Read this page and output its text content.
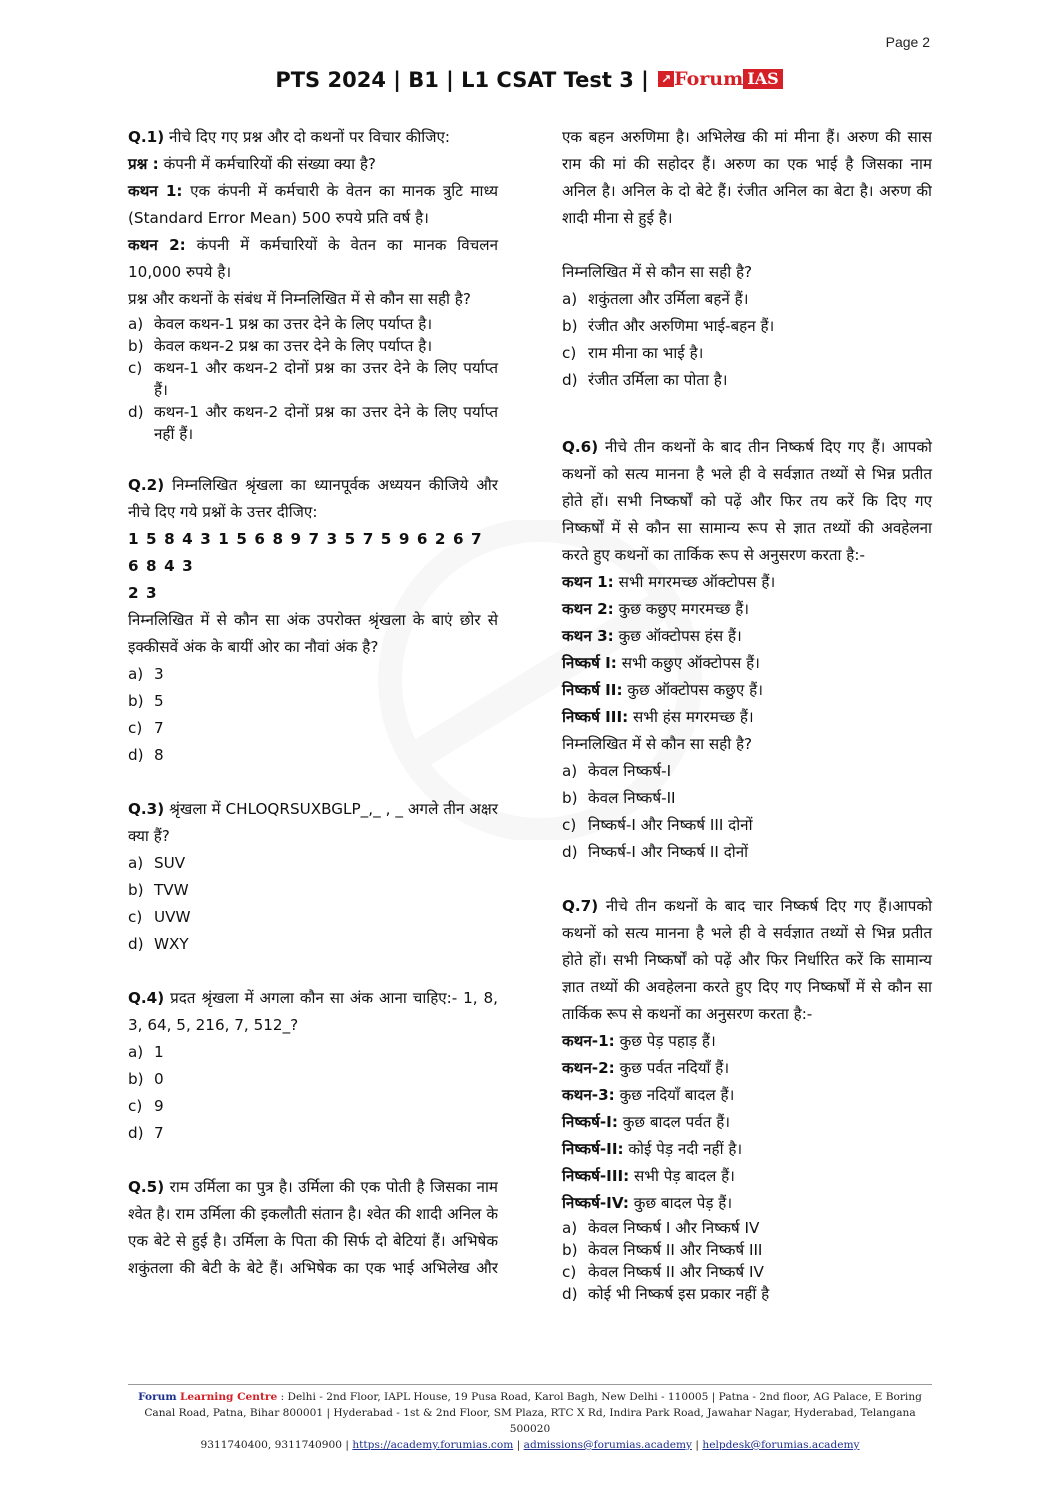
Page 2
PTS 2024 | B1 | L1 CSAT Test 3 | ↗ Forum IAS
Q.1) नीचे दिए गए प्रश्न और दो कथनों पर विचार कीजिए:
प्रश्न : कंपनी में कर्मचारियों की संख्या क्या है?
कथन 1: एक कंपनी में कर्मचारी के वेतन का मानक त्रुटि माध्य (Standard Error Mean) 500 रुपये प्रति वर्ष है।
कथन 2: कंपनी में कर्मचारियों के वेतन का मानक विचलन 10,000 रुपये है।
प्रश्न और कथनों के संबंध में निम्नलिखित में से कौन सा सही है?
a) केवल कथन-1 प्रश्न का उत्तर देने के लिए पर्याप्त है।
b) केवल कथन-2 प्रश्न का उत्तर देने के लिए पर्याप्त है।
c) कथन-1 और कथन-2 दोनों प्रश्न का उत्तर देने के लिए पर्याप्त हैं।
d) कथन-1 और कथन-2 दोनों प्रश्न का उत्तर देने के लिए पर्याप्त नहीं हैं।
Q.2) निम्नलिखित श्रृंखला का ध्यानपूर्वक अध्ययन कीजिये और नीचे दिए गये प्रश्नों के उत्तर दीजिए:
1 5 8 4 3 1 5 6 8 9 7 3 5 7 5 9 6 2 6 7 6 8 4 3
2 3
निम्नलिखित में से कौन सा अंक उपरोक्त श्रृंखला के बाएं छोर से इक्कीसवें अंक के बायीं ओर का नौवां अंक है?
a) 3
b) 5
c) 7
d) 8
Q.3) श्रृंखला में CHLOQRSUXBGLP_,_ , _ अगले तीन अक्षर क्या हैं?
a) SUV
b) TVW
c) UVW
d) WXY
Q.4) प्रदत श्रृंखला में अगला कौन सा अंक आना चाहिए:- 1, 8, 3, 64, 5, 216, 7, 512_?
a) 1
b) 0
c) 9
d) 7
Q.5) राम उर्मिला का पुत्र है। उर्मिला की एक पोती है जिसका नाम श्वेत है। राम उर्मिला की इकलौती संतान है। श्वेत की शादी अनिल के एक बेटे से हुई है। उर्मिला के पिता की सिर्फ दो बेटियां हैं। अभिषेक शकुंतला की बेटी के बेटे हैं। अभिषेक का एक भाई अभिलेख और
एक बहन अरुणिमा है। अभिलेख की मां मीना हैं। अरुण की सास राम की मां की सहोदर हैं। अरुण का एक भाई है जिसका नाम अनिल है। अनिल के दो बेटे हैं। रंजीत अनिल का बेटा है। अरुण की शादी मीना से हुई है।
निम्नलिखित में से कौन सा सही है?
a) शकुंतला और उर्मिला बहनें हैं।
b) रंजीत और अरुणिमा भाई-बहन हैं।
c) राम मीना का भाई है।
d) रंजीत उर्मिला का पोता है।
Q.6) नीचे तीन कथनों के बाद तीन निष्कर्ष दिए गए हैं। आपको कथनों को सत्य मानना है भले ही वे सर्वज्ञात तथ्यों से भिन्न प्रतीत होते हों। सभी निष्कर्षों को पढ़ें और फिर तय करें कि दिए गए निष्कर्षों में से कौन सा सामान्य रूप से ज्ञात तथ्यों की अवहेलना करते हुए कथनों का तार्किक रूप से अनुसरण करता है:-
कथन 1: सभी मगरमच्छ ऑक्टोपस हैं।
कथन 2: कुछ कछुए मगरमच्छ हैं।
कथन 3: कुछ ऑक्टोपस हंस हैं।
निष्कर्ष I: सभी कछुए ऑक्टोपस हैं।
निष्कर्ष II: कुछ ऑक्टोपस कछुए हैं।
निष्कर्ष III: सभी हंस मगरमच्छ हैं।
निम्नलिखित में से कौन सा सही है?
a) केवल निष्कर्ष-I
b) केवल निष्कर्ष-II
c) निष्कर्ष-I और निष्कर्ष III दोनों
d) निष्कर्ष-I और निष्कर्ष II दोनों
Q.7) नीचे तीन कथनों के बाद चार निष्कर्ष दिए गए हैं।आपको कथनों को सत्य मानना है भले ही वे सर्वज्ञात तथ्यों से भिन्न प्रतीत होते हों। सभी निष्कर्षों को पढ़ें और फिर निर्धारित करें कि सामान्य ज्ञात तथ्यों की अवहेलना करते हुए दिए गए निष्कर्षों में से कौन सा तार्किक रूप से कथनों का अनुसरण करता है:-
कथन-1: कुछ पेड़ पहाड़ हैं।
कथन-2: कुछ पर्वत नदियाँ हैं।
कथन-3: कुछ नदियाँ बादल हैं।
निष्कर्ष-I: कुछ बादल पर्वत हैं।
निष्कर्ष-II: कोई पेड़ नदी नहीं है।
निष्कर्ष-III: सभी पेड़ बादल हैं।
निष्कर्ष-IV: कुछ बादल पेड़ हैं।
a) केवल निष्कर्ष I और निष्कर्ष IV
b) केवल निष्कर्ष II और निष्कर्ष III
c) केवल निष्कर्ष II और निष्कर्ष IV
d) कोई भी निष्कर्ष इस प्रकार नहीं है
Forum Learning Centre : Delhi - 2nd Floor, IAPL House, 19 Pusa Road, Karol Bagh, New Delhi - 110005 | Patna - 2nd floor, AG Palace, E Boring Canal Road, Patna, Bihar 800001 | Hyderabad - 1st & 2nd Floor, SM Plaza, RTC X Rd, Indira Park Road, Jawahar Nagar, Hyderabad, Telangana 500020
9311740400, 9311740900 | https://academy.forumias.com | admissions@forumias.academy | helpdesk@forumias.academy
